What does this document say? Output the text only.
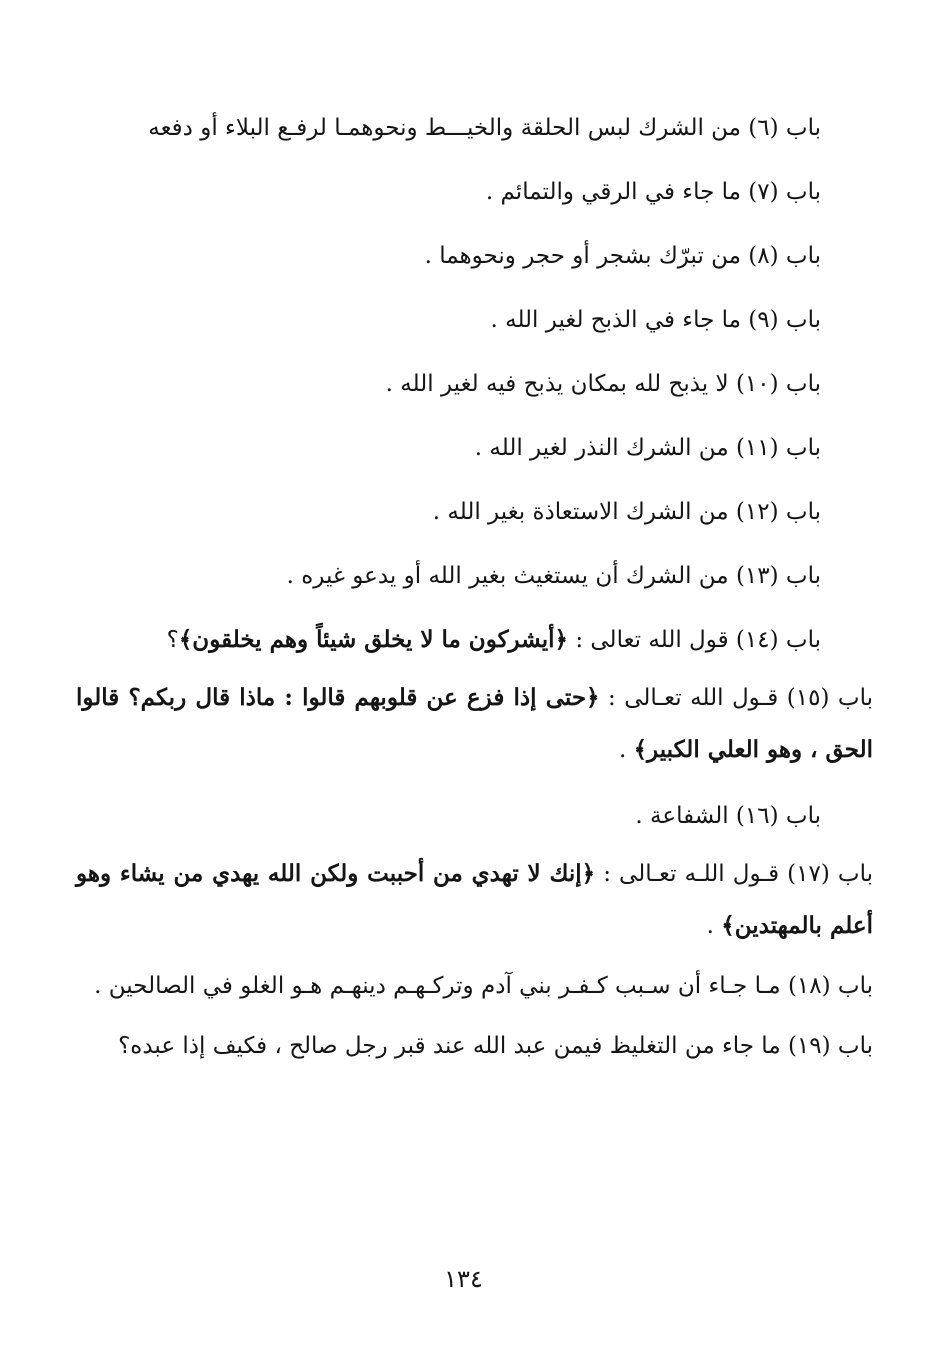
باب (٦) من الشرك لبس الحلقة والخيـــط ونحوهمـا لرفـع البلاء أو دفعه

باب (٧) ما جاء في الرقي والتمائم .

باب (٨) من تبرّك بشجر أو حجر ونحوهما .

باب (٩) ما جاء في الذبح لغير الله .

باب (١٠) لا يذبح لله بمكان يذبح فيه لغير الله .

باب (١١) من الشرك النذر لغير الله .

باب (١٢) من الشرك الاستعاذة بغير الله .

باب (١٣) من الشرك أن يستغيث بغير الله أو يدعو غيره .

باب (١٤) قول الله تعالى : ﴿أيشركون ما لا يخلق شيئاً وهم يخلقون﴾؟

باب (١٥) قـول الله تعـالى : ﴿حتى إذا فزع عن قلوبهم قالوا : ماذا قال ربكم؟ قالوا الحق ، وهو العلي الكبير﴾ .

باب (١٦) الشفاعة .

باب (١٧) قـول اللـه تعـالى : ﴿إنك لا تهدي من أحببت ولكن الله يهدي من يشاء وهو أعلم بالمهتدين﴾ .

باب (١٨) مـا جـاء أن سـبب كـفـر بني آدم وتركـهـم دينهـم هـو الغلو في الصالحين .

باب (١٩) ما جاء من التغليظ فيمن عبد الله عند قبر رجل صالح ، فكيف إذا عبده؟

١٣٤
